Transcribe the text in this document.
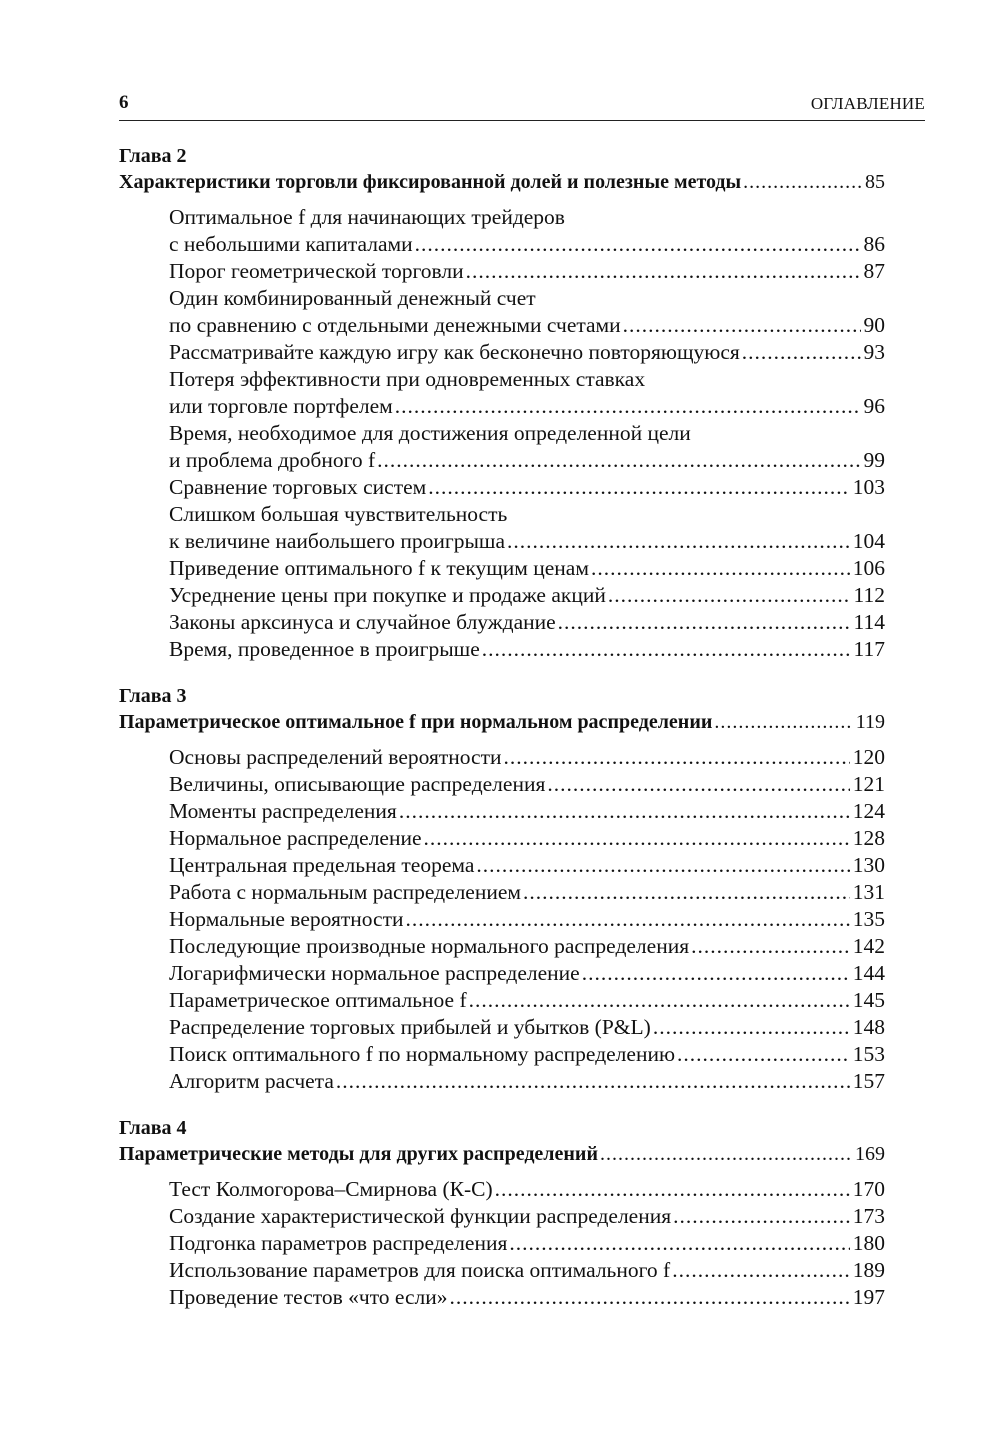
6	ОГЛАВЛЕНИЕ
Глава 2
Характеристики торговли фиксированной долей и полезные методы .....	85
Оптимальное f для начинающих трейдеров
с небольшими капиталами .....	86
Порог геометрической торговли .....	87
Один комбинированный денежный счет
по сравнению с отдельными денежными счетами .....	90
Рассматривайте каждую игру как бесконечно повторяющуюся .....	93
Потеря эффективности при одновременных ставках
или торговле портфелем .....	96
Время, необходимое для достижения определенной цели
и проблема дробного f .....	99
Сравнение торговых систем .....	103
Слишком большая чувствительность
к величине наибольшего проигрыша .....	104
Приведение оптимального f к текущим ценам .....	106
Усреднение цены при покупке и продаже акций .....	112
Законы арксинуса и случайное блуждание .....	114
Время, проведенное в проигрыше .....	117
Глава 3
Параметрическое оптимальное f при нормальном распределении .....	119
Основы распределений вероятности .....	120
Величины, описывающие распределения .....	121
Моменты распределения .....	124
Нормальное распределение .....	128
Центральная предельная теорема .....	130
Работа с нормальным распределением .....	131
Нормальные вероятности .....	135
Последующие производные нормального распределения .....	142
Логарифмически нормальное распределение .....	144
Параметрическое оптимальное f .....	145
Распределение торговых прибылей и убытков (P&L) .....	148
Поиск оптимального f по нормальному распределению .....	153
Алгоритм расчета .....	157
Глава 4
Параметрические методы для других распределений .....	169
Тест Колмогорова–Смирнова (К-С) .....	170
Создание характеристической функции распределения .....	173
Подгонка параметров распределения .....	180
Использование параметров для поиска оптимального f .....	189
Проведение тестов «что если» .....	197
